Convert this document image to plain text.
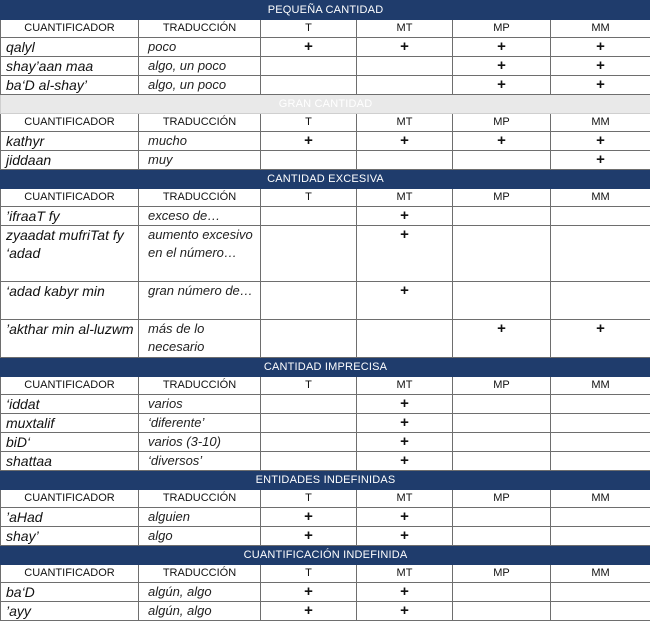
PEQUEÑA CANTIDAD					
CUANTIFICADOR	TRADUCCIÓN	T	MT	MP	MM
qalyl	poco	+	+	+	+
shay’aan maa	algo, un poco			+	+
ba‘D al-shay’	algo, un poco			+	+
GRAN CANTIDAD					
CUANTIFICADOR	TRADUCCIÓN	T	MT	MP	MM
kathyr	mucho	+	+	+	+
jiddaan	muy				+
CANTIDAD EXCESIVA					
CUANTIFICADOR	TRADUCCIÓN	T	MT	MP	MM
’ifraaT fy	exceso de…		+		
zyaadat mufriTat fy ‘adad	aumento excesivo en el número…		+		
‘adad kabyr min	gran número de…		+		
’akthar min al-luzwm	más de lo necesario			+	+
CANTIDAD IMPRECISA					
CUANTIFICADOR	TRADUCCIÓN	T	MT	MP	MM
‘iddat	varios		+		
muxtalif	‘diferente’		+		
biD‘	varios (3-10)		+		
shattaa	‘diversos’		+		
ENTIDADES INDEFINIDAS					
CUANTIFICADOR	TRADUCCIÓN	T	MT	MP	MM
’aHad	alguien	+	+		
shay’	algo	+	+		
CUANTIFICACIÓN INDEFINIDA					
CUANTIFICADOR	TRADUCCIÓN	T	MT	MP	MM
ba‘D	algún, algo	+	+		
’ayy	algún, algo	+	+		
